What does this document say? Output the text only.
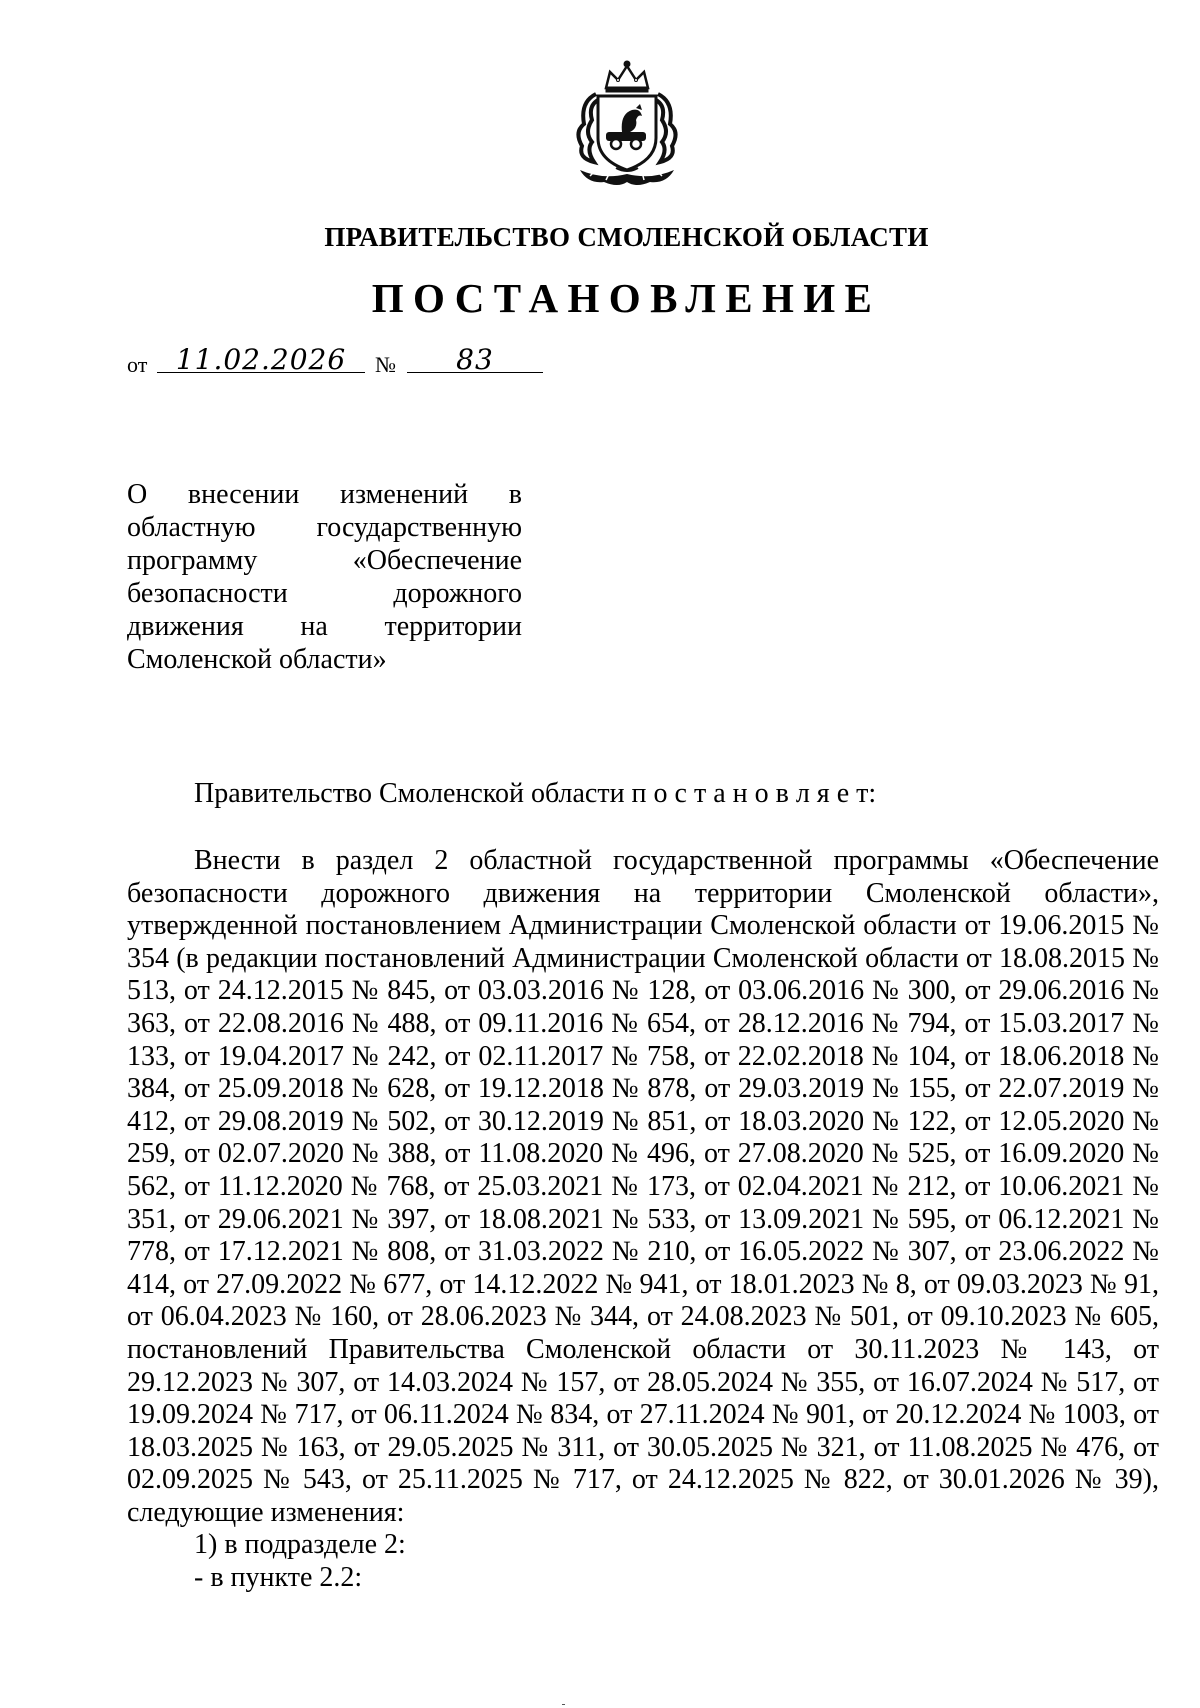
ПРАВИТЕЛЬСТВО СМОЛЕНСКОЙ ОБЛАСТИ
ПОСТАНОВЛЕНИЕ
от	11.02.2026	№	83
О внесении изменений в
областную государственную
программу	«Обеспечение
безопасности	дорожного
движения на территории
Смоленской области»
Правительство Смоленской области п о с т а н о в л я е т:

Внести в раздел 2 областной государственной программы «Обеспечение безопасности дорожного движения на территории Смоленской области», утвержденной постановлением Администрации Смоленской области от 19.06.2015 № 354 (в редакции постановлений Администрации Смоленской области от 18.08.2015 № 513, от 24.12.2015 № 845, от 03.03.2016 № 128, от 03.06.2016 № 300, от 29.06.2016 № 363, от 22.08.2016 № 488, от 09.11.2016 № 654, от 28.12.2016 № 794, от 15.03.2017 № 133, от 19.04.2017 № 242, от 02.11.2017 № 758, от 22.02.2018 № 104, от 18.06.2018 № 384, от 25.09.2018 № 628, от 19.12.2018 № 878, от 29.03.2019 № 155, от 22.07.2019 № 412, от 29.08.2019 № 502, от 30.12.2019 № 851, от 18.03.2020 № 122, от 12.05.2020 № 259, от 02.07.2020 № 388, от 11.08.2020 № 496, от 27.08.2020 № 525, от 16.09.2020 № 562, от 11.12.2020 № 768, от 25.03.2021 № 173, от 02.04.2021 № 212, от 10.06.2021 № 351, от 29.06.2021 № 397, от 18.08.2021 № 533, от 13.09.2021 № 595, от 06.12.2021 № 778, от 17.12.2021 № 808, от 31.03.2022 № 210, от 16.05.2022 № 307, от 23.06.2022 № 414, от 27.09.2022 № 677, от 14.12.2022 № 941, от 18.01.2023 № 8, от 09.03.2023 № 91, от 06.04.2023 № 160, от 28.06.2023 № 344, от 24.08.2023 № 501, от 09.10.2023 № 605, постановлений Правительства Смоленской области от 30.11.2023 № 143, от 29.12.2023 № 307, от 14.03.2024 № 157, от 28.05.2024 № 355, от 16.07.2024 № 517, от 19.09.2024 № 717, от 06.11.2024 № 834, от 27.11.2024 № 901, от 20.12.2024 № 1003, от 18.03.2025 № 163, от 29.05.2025 № 311, от 30.05.2025 № 321, от 11.08.2025 № 476, от 02.09.2025 № 543, от 25.11.2025 № 717, от 24.12.2025 № 822, от 30.01.2026 № 39), следующие изменения:

1) в подразделе 2:

- в пункте 2.2:
